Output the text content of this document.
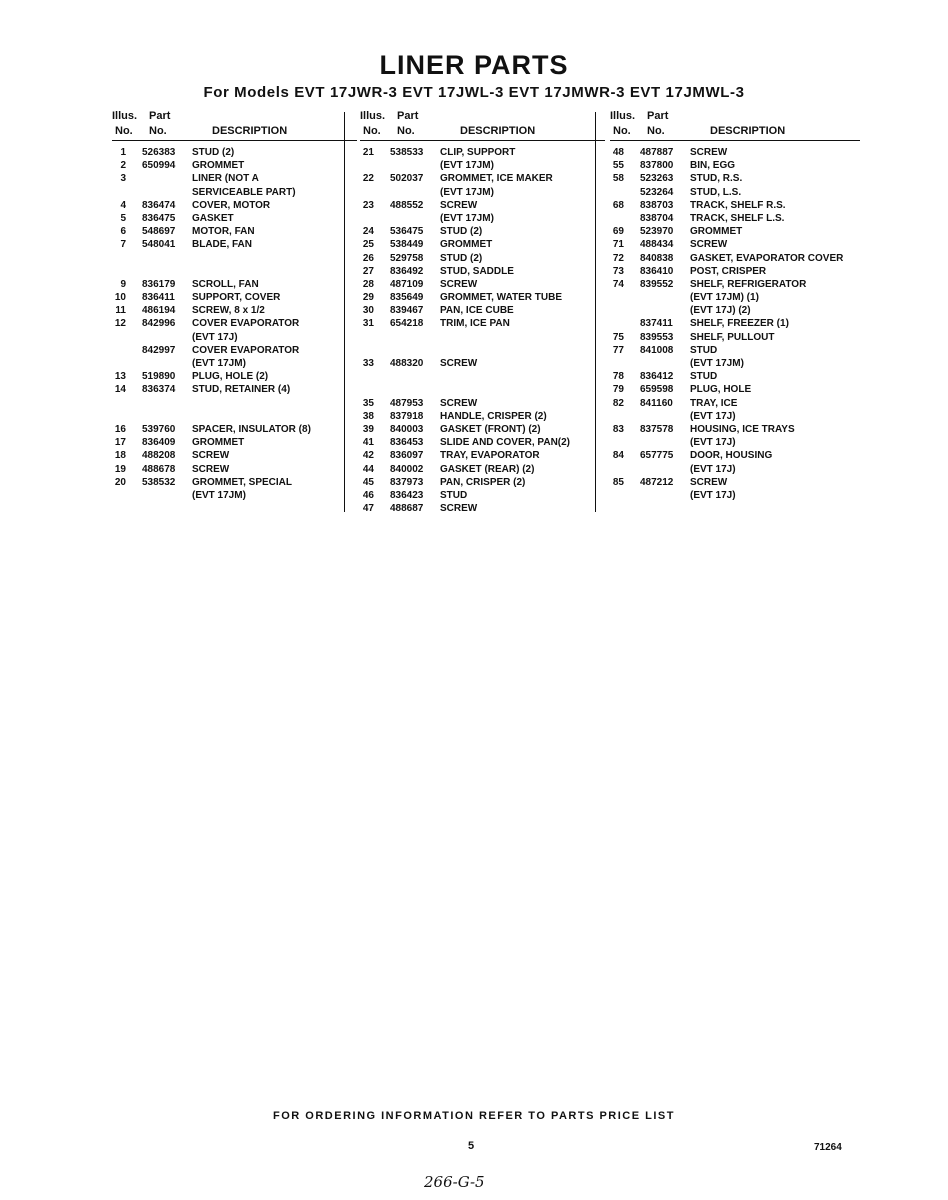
LINER PARTS
For Models EVT 17JWR-3 EVT 17JWL-3 EVT 17JMWR-3 EVT 17JMWL-3
Illus. Part
No. No.	DESCRIPTION
1 526383 STUD (2)
2 650994 GROMMET
3	LINER (NOT A
SERVICEABLE PART)
4 836474 COVER, MOTOR
5 836475 GASKET
6 548697 MOTOR, FAN
7 548041 BLADE, FAN
9 836179 SCROLL, FAN
10 836411 SUPPORT, COVER
11 486194 SCREW, 8 x 1/2
12 842996 COVER EVAPORATOR
(EVT 17J)
842997 COVER EVAPORATOR
(EVT 17JM)
13 519890 PLUG, HOLE (2)
14 836374 STUD, RETAINER (4)
16 539760 SPACER, INSULATOR (8)
17 836409 GROMMET
18 488208 SCREW
19 488678 SCREW
20 538532 GROMMET, SPECIAL
(EVT 17JM)
Illus. Part
No. No.	DESCRIPTION
21 538533 CLIP, SUPPORT
(EVT 17JM)
22 502037 GROMMET, ICE MAKER
(EVT 17JM)
23 488552 SCREW
(EVT 17JM)
24 536475 STUD (2)
25 538449 GROMMET
26 529758 STUD (2)
27 836492 STUD, SADDLE
28 487109 SCREW
29 835649 GROMMET, WATER TUBE
30 839467 PAN, ICE CUBE
31 654218 TRIM, ICE PAN
33 488320 SCREW
35 487953 SCREW
38 837918 HANDLE, CRISPER (2)
39 840003 GASKET (FRONT) (2)
41 836453 SLIDE AND COVER, PAN(2)
42 836097 TRAY, EVAPORATOR
44 840002 GASKET (REAR) (2)
45 837973 PAN, CRISPER (2)
46 836423 STUD
47 488687 SCREW
Illus. Part
No. No.	DESCRIPTION
48 487887 SCREW
55 837800 BIN, EGG
58 523263 STUD, R.S.
523264 STUD, L.S.
68 838703 TRACK, SHELF R.S.
838704 TRACK, SHELF L.S.
69 523970 GROMMET
71 488434 SCREW
72 840838 GASKET, EVAPORATOR COVER
73 836410 POST, CRISPER
74 839552 SHELF, REFRIGERATOR
(EVT 17JM) (1)
(EVT 17J) (2)
837411 SHELF, FREEZER (1)
75 839553 SHELF, PULLOUT
77 841008 STUD
(EVT 17JM)
78 836412 STUD
79 659598 PLUG, HOLE
82 841160 TRAY, ICE
(EVT 17J)
83 837578 HOUSING, ICE TRAYS
(EVT 17J)
84 657775 DOOR, HOUSING
(EVT 17J)
85 487212 SCREW
(EVT 17J)
FOR ORDERING INFORMATION REFER TO PARTS PRICE LIST
5	71264
266-G-5
